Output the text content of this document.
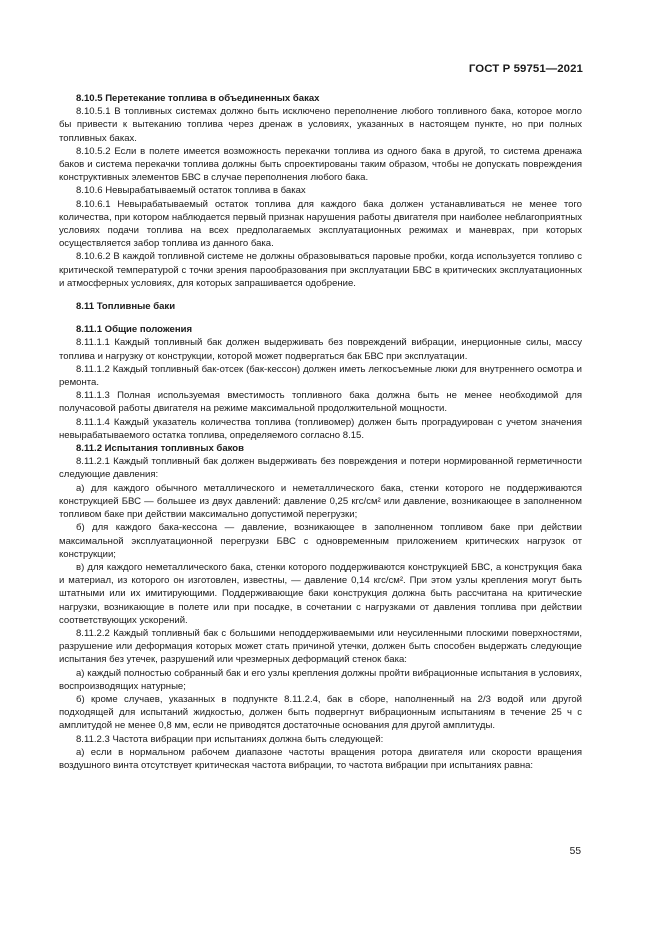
ГОСТ Р 59751—2021

8.10.5 Перетекание топлива в объединенных баках

8.10.5.1 В топливных системах должно быть исключено переполнение любого топливного бака, которое могло бы привести к вытеканию топлива через дренаж в условиях, указанных в настоящем пункте, но при полных топливных баках.

8.10.5.2 Если в полете имеется возможность перекачки топлива из одного бака в другой, то система дренажа баков и система перекачки топлива должны быть спроектированы таким образом, чтобы не допускать повреждения конструктивных элементов БВС в случае переполнения любого бака.

8.10.6 Невырабатываемый остаток топлива в баках

8.10.6.1 Невырабатываемый остаток топлива для каждого бака должен устанавливаться не менее того количества, при котором наблюдается первый признак нарушения работы двигателя при наиболее неблагоприятных условиях подачи топлива на всех предполагаемых эксплуатационных режимах и маневрах, при которых осуществляется забор топлива из данного бака.

8.10.6.2 В каждой топливной системе не должны образовываться паровые пробки, когда используется топливо с критической температурой с точки зрения парообразования при эксплуатации БВС в критических эксплуатационных и атмосферных условиях, для которых запрашивается одобрение.

8.11 Топливные баки

8.11.1 Общие положения

8.11.1.1 Каждый топливный бак должен выдерживать без повреждений вибрации, инерционные силы, массу топлива и нагрузку от конструкции, которой может подвергаться бак БВС при эксплуатации.

8.11.1.2 Каждый топливный бак-отсек (бак-кессон) должен иметь легкосъемные люки для внутреннего осмотра и ремонта.

8.11.1.3 Полная используемая вместимость топливного бака должна быть не менее необходимой для получасовой работы двигателя на режиме максимальной продолжительной мощности.

8.11.1.4 Каждый указатель количества топлива (топливомер) должен быть проградуирован с учетом значения невырабатываемого остатка топлива, определяемого согласно 8.15.

8.11.2 Испытания топливных баков

8.11.2.1 Каждый топливный бак должен выдерживать без повреждения и потери нормированной герметичности следующие давления:

а) для каждого обычного металлического и неметаллического бака, стенки которого не поддерживаются конструкцией БВС — большее из двух давлений: давление 0,25 кгс/см² или давление, возникающее в заполненном топливом баке при действии максимально допустимой перегрузки;

б) для каждого бака-кессона — давление, возникающее в заполненном топливом баке при действии максимальной эксплуатационной перегрузки БВС с одновременным приложением критических нагрузок от конструкции;

в) для каждого неметаллического бака, стенки которого поддерживаются конструкцией БВС, а конструкция бака и материал, из которого он изготовлен, известны, — давление 0,14 кгс/см². При этом узлы крепления могут быть штатными или их имитирующими. Поддерживающие баки конструкция должна быть рассчитана на критические нагрузки, возникающие в полете или при посадке, в сочетании с нагрузками от давления топлива при действии соответствующих ускорений.

8.11.2.2 Каждый топливный бак с большими неподдерживаемыми или неусиленными плоскими поверхностями, разрушение или деформация которых может стать причиной утечки, должен быть способен выдержать следующие испытания без утечек, разрушений или чрезмерных деформаций стенок бака:

а) каждый полностью собранный бак и его узлы крепления должны пройти вибрационные испытания в условиях, воспроизводящих натурные;

б) кроме случаев, указанных в подпункте 8.11.2.4, бак в сборе, наполненный на 2/3 водой или другой подходящей для испытаний жидкостью, должен быть подвергнут вибрационным испытаниям в течение 25 ч с амплитудой не менее 0,8 мм, если не приводятся достаточные основания для другой амплитуды.

8.11.2.3 Частота вибрации при испытаниях должна быть следующей:

а) если в нормальном рабочем диапазоне частоты вращения ротора двигателя или скорости вращения воздушного винта отсутствует критическая частота вибрации, то частота вибрации при испытаниях равна:

55
